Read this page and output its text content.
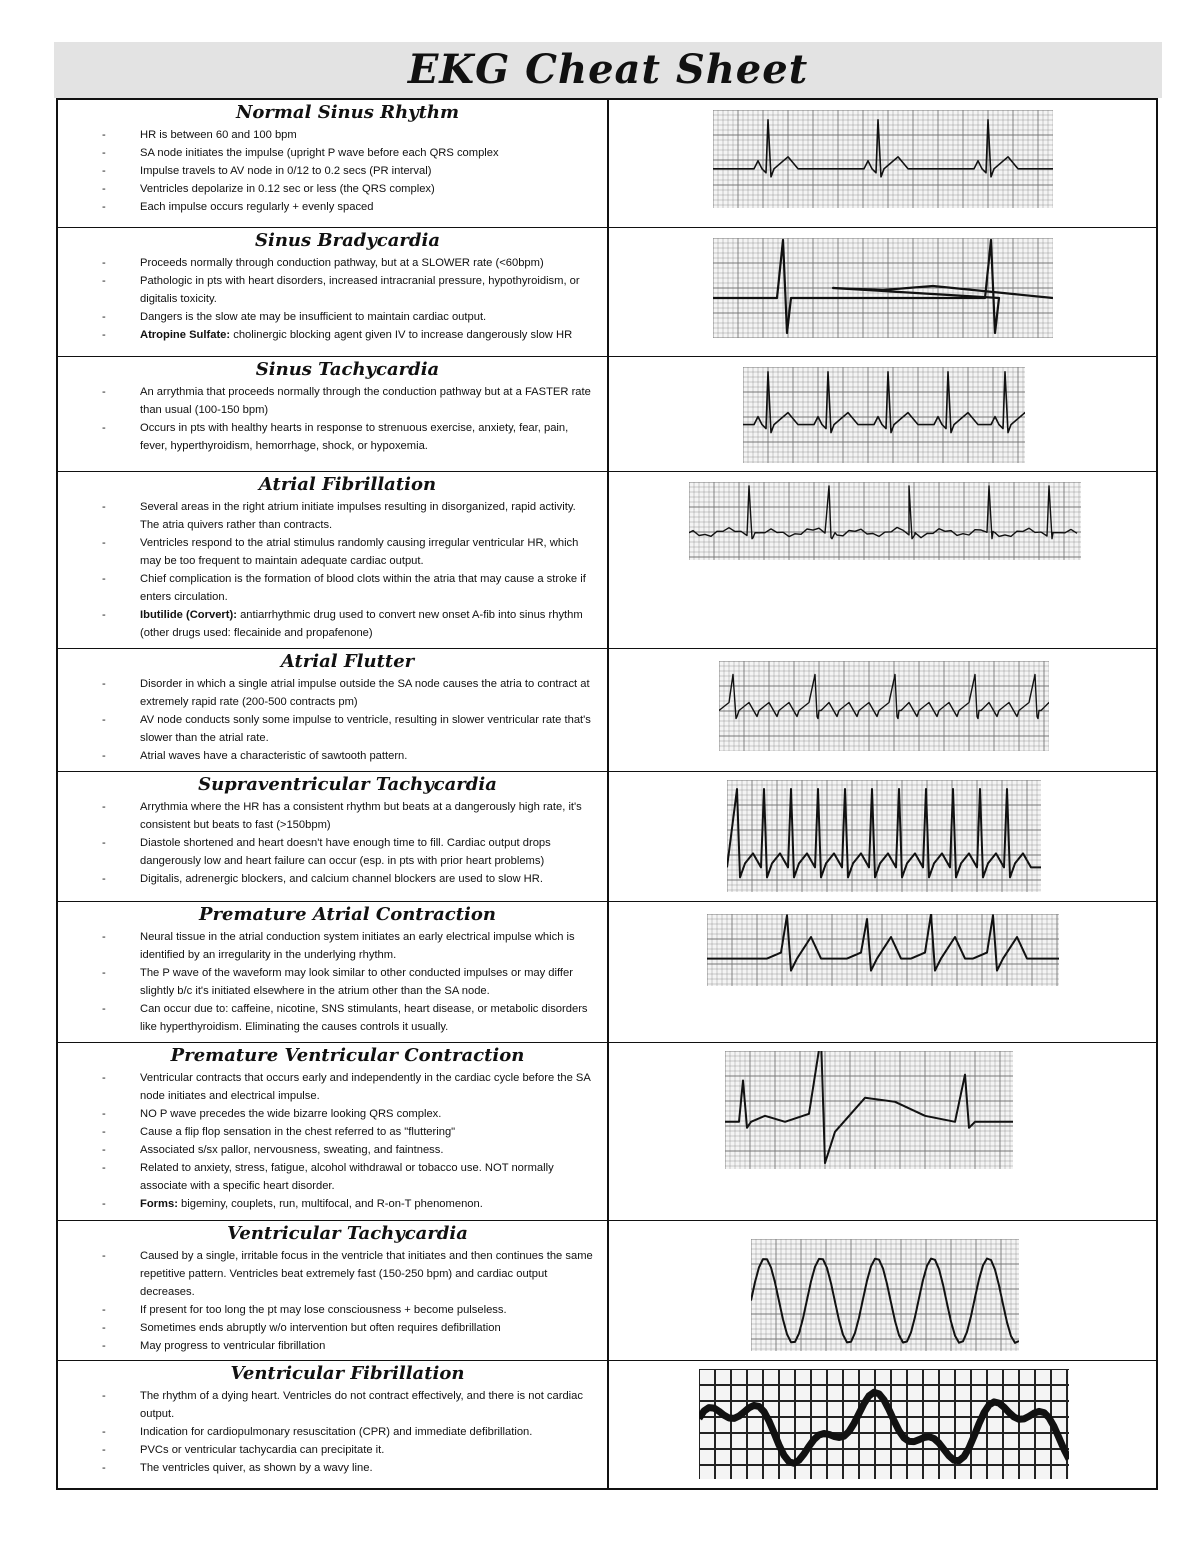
EKG Cheat Sheet
Normal Sinus Rhythm
- HR is between 60 and 100 bpm
- SA node initiates the impulse (upright P wave before each QRS complex
- Impulse travels to AV node in 0/12 to 0.2 secs (PR interval)
- Ventricles depolarize in 0.12 sec or less (the QRS complex)
- Each impulse occurs regularly + evenly spaced
Sinus Bradycardia
- Proceeds normally through conduction pathway, but at a SLOWER rate (<60bpm)
- Pathologic in pts with heart disorders, increased intracranial pressure, hypothyroidism, or digitalis toxicity.
- Dangers is the slow ate may be insufficient to maintain cardiac output.
- Atropine Sulfate: cholinergic blocking agent given IV to increase dangerously slow HR
Sinus Tachycardia
- An arrythmia that proceeds normally through the conduction pathway but at a FASTER rate than usual (100-150 bpm)
- Occurs in pts with healthy hearts in response to strenuous exercise, anxiety, fear, pain, fever, hyperthyroidism, hemorrhage, shock, or hypoxemia.
Atrial Fibrillation
- Several areas in the right atrium initiate impulses resulting in disorganized, rapid activity. The atria quivers rather than contracts.
- Ventricles respond to the atrial stimulus randomly causing irregular ventricular HR, which may be too frequent to maintain adequate cardiac output.
- Chief complication is the formation of blood clots within the atria that may cause a stroke if enters circulation.
- Ibutilide (Corvert): antiarrhythmic drug used to convert new onset A-fib into sinus rhythm (other drugs used: flecainide and propafenone)
Atrial Flutter
- Disorder in which a single atrial impulse outside the SA node causes the atria to contract at extremely rapid rate (200-500 contracts pm)
- AV node conducts sonly some impulse to ventricle, resulting in slower ventricular rate that's slower than the atrial rate.
- Atrial waves have a characteristic of sawtooth pattern.
Supraventricular Tachycardia
- Arrythmia where the HR has a consistent rhythm but beats at a dangerously high rate, it's consistent but beats to fast (>150bpm)
- Diastole shortened and heart doesn't have enough time to fill. Cardiac output drops dangerously low and heart failure can occur (esp. in pts with prior heart problems)
- Digitalis, adrenergic blockers, and calcium channel blockers are used to slow HR.
Premature Atrial Contraction
- Neural tissue in the atrial conduction system initiates an early electrical impulse which is identified by an irregularity in the underlying rhythm.
- The P wave of the waveform may look similar to other conducted impulses or may differ slightly b/c it's initiated elsewhere in the atrium other than the SA node.
- Can occur due to: caffeine, nicotine, SNS stimulants, heart disease, or metabolic disorders like hyperthyroidism. Eliminating the causes controls it usually.
Premature Ventricular Contraction
- Ventricular contracts that occurs early and independently in the cardiac cycle before the SA node initiates and electrical impulse.
- NO P wave precedes the wide bizarre looking QRS complex.
- Cause a flip flop sensation in the chest referred to as "fluttering"
- Associated s/sx pallor, nervousness, sweating, and faintness.
- Related to anxiety, stress, fatigue, alcohol withdrawal or tobacco use. NOT normally associate with a specific heart disorder.
- Forms: bigeminy, couplets, run, multifocal, and R-on-T phenomenon.
Ventricular Tachycardia
- Caused by a single, irritable focus in the ventricle that initiates and then continues the same repetitive pattern. Ventricles beat extremely fast (150-250 bpm) and cardiac output decreases.
- If present for too long the pt may lose consciousness + become pulseless.
- Sometimes ends abruptly w/o intervention but often requires defibrillation
- May progress to ventricular fibrillation
Ventricular Fibrillation
- The rhythm of a dying heart. Ventricles do not contract effectively, and there is not cardiac output.
- Indication for cardiopulmonary resuscitation (CPR) and immediate defibrillation.
- PVCs or ventricular tachycardia can precipitate it.
- The ventricles quiver, as shown by a wavy line.
